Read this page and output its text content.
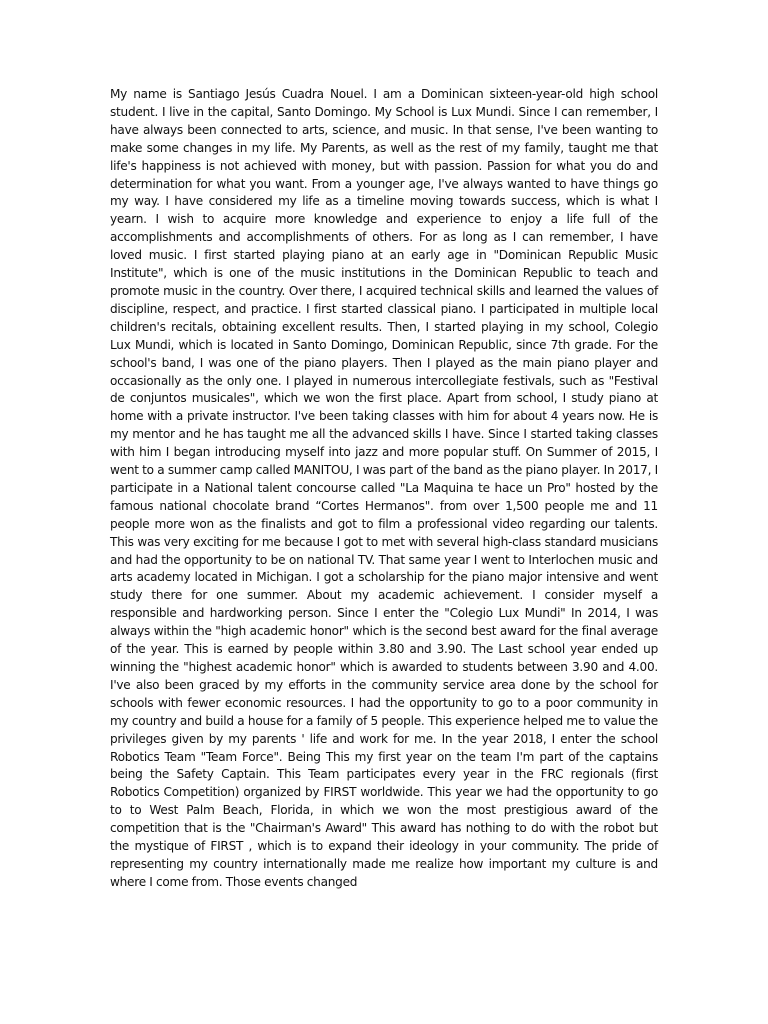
My name is Santiago Jesús Cuadra Nouel. I am a Dominican sixteen-year-old high school student. I live in the capital, Santo Domingo. My School is Lux Mundi. Since I can remember, I have always been connected to arts, science, and music. In that sense, I've been wanting to make some changes in my life. My Parents, as well as the rest of my family, taught me that life's happiness is not achieved with money, but with passion. Passion for what you do and determination for what you want. From a younger age, I've always wanted to have things go my way. I have considered my life as a timeline moving towards success, which is what I yearn. I wish to acquire more knowledge and experience to enjoy a life full of the accomplishments and accomplishments of others. For as long as I can remember, I have loved music. I first started playing piano at an early age in "Dominican Republic Music Institute", which is one of the music institutions in the Dominican Republic to teach and promote music in the country. Over there, I acquired technical skills and learned the values of discipline, respect, and practice. I first started classical piano. I participated in multiple local children's recitals, obtaining excellent results. Then, I started playing in my school, Colegio Lux Mundi, which is located in Santo Domingo, Dominican Republic, since 7th grade. For the school's band, I was one of the piano players. Then I played as the main piano player and occasionally as the only one. I played in numerous intercollegiate festivals, such as "Festival de conjuntos musicales", which we won the first place. Apart from school, I study piano at home with a private instructor. I've been taking classes with him for about 4 years now. He is my mentor and he has taught me all the advanced skills I have. Since I started taking classes with him I began introducing myself into jazz and more popular stuff. On Summer of 2015, I went to a summer camp called MANITOU, I was part of the band as the piano player. In 2017, I participate in a National talent concourse called "La Maquina te hace un Pro" hosted by the famous national chocolate brand “Cortes Hermanos". from over 1,500 people me and 11 people more won as the finalists and got to film a professional video regarding our talents. This was very exciting for me because I got to met with several high-class standard musicians and had the opportunity to be on national TV. That same year I went to Interlochen music and arts academy located in Michigan. I got a scholarship for the piano major intensive and went study there for one summer. About my academic achievement. I consider myself a responsible and hardworking person. Since I enter the "Colegio Lux Mundi" In 2014, I was always within the "high academic honor" which is the second best award for the final average of the year. This is earned by people within 3.80 and 3.90. The Last school year ended up winning the "highest academic honor" which is awarded to students between 3.90 and 4.00. I've also been graced by my efforts in the community service area done by the school for schools with fewer economic resources. I had the opportunity to go to a poor community in my country and build a house for a family of 5 people. This experience helped me to value the privileges given by my parents ' life and work for me. In the year 2018, I enter the school Robotics Team "Team Force". Being This my first year on the team I'm part of the captains being the Safety Captain. This Team participates every year in the FRC regionals (first Robotics Competition) organized by FIRST worldwide. This year we had the opportunity to go to to West Palm Beach, Florida, in which we won the most prestigious award of the competition that is the "Chairman's Award" This award has nothing to do with the robot but the mystique of FIRST , which is to expand their ideology in your community. The pride of representing my country internationally made me realize how important my culture is and where I come from. Those events changed
